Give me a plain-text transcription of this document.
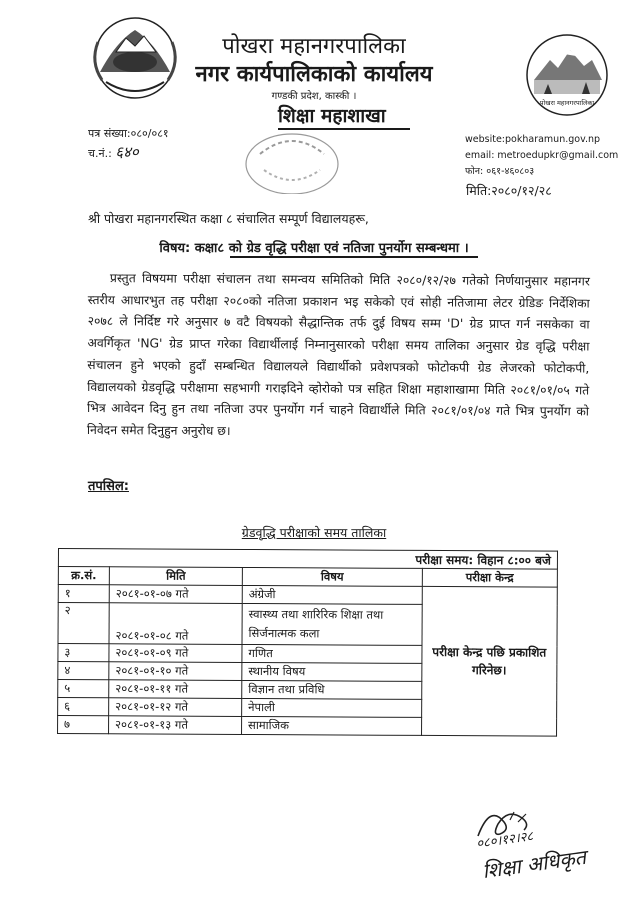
पोखरा महानगरपालिका
पोखरा महानगरपालिका
नगर कार्यपालिकाको कार्यालय
गण्डकी प्रदेश, कास्की ।
शिक्षा महाशाखा
पत्र संख्या:०८०/०८१
च.नं.: ६४०
website:pokharamun.gov.np
email: metroedupkr@gmail.com
फोन: ०६१-४६०८०३
मिति:२०८०/१२/२८
श्री पोखरा महानगरस्थित कक्षा ८ संचालित सम्पूर्ण विद्यालयहरू,
विषय: कक्षा८ को ग्रेड वृद्धि परीक्षा एवं नतिजा पुनर्योग सम्बन्धमा ।

प्रस्तुत विषयमा परीक्षा संचालन तथा समन्वय समितिको मिति २०८०/१२/२७ गतेको निर्णयानुसार महानगर स्तरीय आधारभुत तह परीक्षा २०८०को नतिजा प्रकाशन भइ सकेको एवं सोही नतिजामा लेटर ग्रेडिङ निर्देशिका २०७८ ले निर्दिष्ट गरे अनुसार ७ वटै विषयको सैद्धान्तिक तर्फ दुई विषय सम्म 'D' ग्रेड प्राप्त गर्न नसकेका वा अवर्गिकृत 'NG' ग्रेड प्राप्त गरेका विद्यार्थीलाई निम्नानुसारको परीक्षा समय तालिका अनुसार ग्रेड वृद्धि परीक्षा संचालन हुने भएको हुदाँ सम्बन्धित विद्यालयले विद्यार्थीको प्रवेशपत्रको फोटोकपी ग्रेड लेजरको फोटोकपी, विद्यालयको ग्रेडवृद्धि परीक्षामा सहभागी गराइदिने व्होरोको पत्र सहित शिक्षा महाशाखामा मिति २०८१/०१/०५ गते भित्र आवेदन दिनु हुन तथा नतिजा उपर पुनर्योग गर्न चाहने विद्यार्थीले मिति २०८१/०१/०४ गते भित्र पुनर्योग को निवेदन समेत दिनुहुन अनुरोध छ।

तपसिल:
ग्रेडवृद्धि परीक्षाको समय तालिका
परीक्षा समय: विहान ८:०० बजे			
क्र.सं.	मिति	विषय	परीक्षा केन्द्र
१	२०८१-०१-०७ गते	अंग्रेजी	परीक्षा केन्द्र पछि प्रकाशित गरिनेछ।
२	२०८१-०१-०८ गते	स्वास्थ्य तथा शारिरिक शिक्षा तथा सिर्जनात्मक कला	
३	२०८१-०१-०९ गते	गणित	
४	२०८१-०१-१० गते	स्थानीय विषय	
५	२०८१-०१-११ गते	विज्ञान तथा प्रविधि	
६	२०८१-०१-१२ गते	नेपाली	
७	२०८१-०१-१३ गते	सामाजिक	
०८०।१२।२८
शिक्षा अधिकृत
